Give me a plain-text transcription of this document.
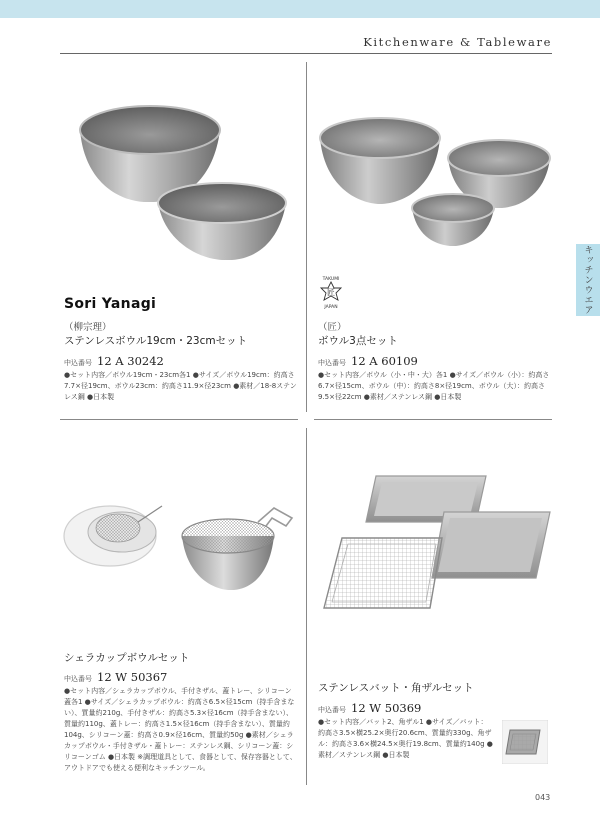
Kitchenware & Tableware
キッチンウエア
Sori Yanagi
（柳宗理）
ステンレスボウル19cm・23cmセット
中込番号 12 A 30242
●セット内容／ボウル19cm・23cm各1 ●サイズ／ボウル19cm：約高さ7.7×径19cm、ボウル23cm：約高さ11.9×径23cm ●素材／18-8ステンレス鋼 ●日本製
TAKUMI
匠
JAPAN
（匠）
ボウル3点セット
中込番号 12 A 60109
●セット内容／ボウル（小・中・大）各1 ●サイズ／ボウル（小）：約高さ6.7×径15cm、ボウル（中）：約高さ8×径19cm、ボウル（大）：約高さ9.5×径22cm ●素材／ステンレス鋼 ●日本製
シェラカップボウルセット
中込番号 12 W 50367
●セット内容／シェラカップボウル、手付きザル、蓋トレー、シリコーン蓋各1 ●サイズ／シェラカップボウル：約高さ6.5×径15cm（持手含まない）、質量約210g、手付きザル：約高さ5.3×径16cm（持手含まない）、質量約110g、蓋トレー：約高さ1.5×径16cm（持手含まない）、質量約104g、シリコーン蓋：約高さ0.9×径16cm、質量約50g ●素材／シェラカップボウル・手付きザル・蓋トレー：ステンレス鋼、シリコーン蓋：シリコーンゴム ●日本製 ※調理道具として、食器として、保存容器として、アウトドアでも使える便利なキッチンツール。
ステンレスバット・角ザルセット
中込番号 12 W 50369
●セット内容／バット2、角ザル1 ●サイズ／バット：約高さ3.5×横25.2×奥行20.6cm、質量約330g、角ザル：約高さ3.6×横24.5×奥行19.8cm、質量約140g ●素材／ステンレス鋼 ●日本製
043
